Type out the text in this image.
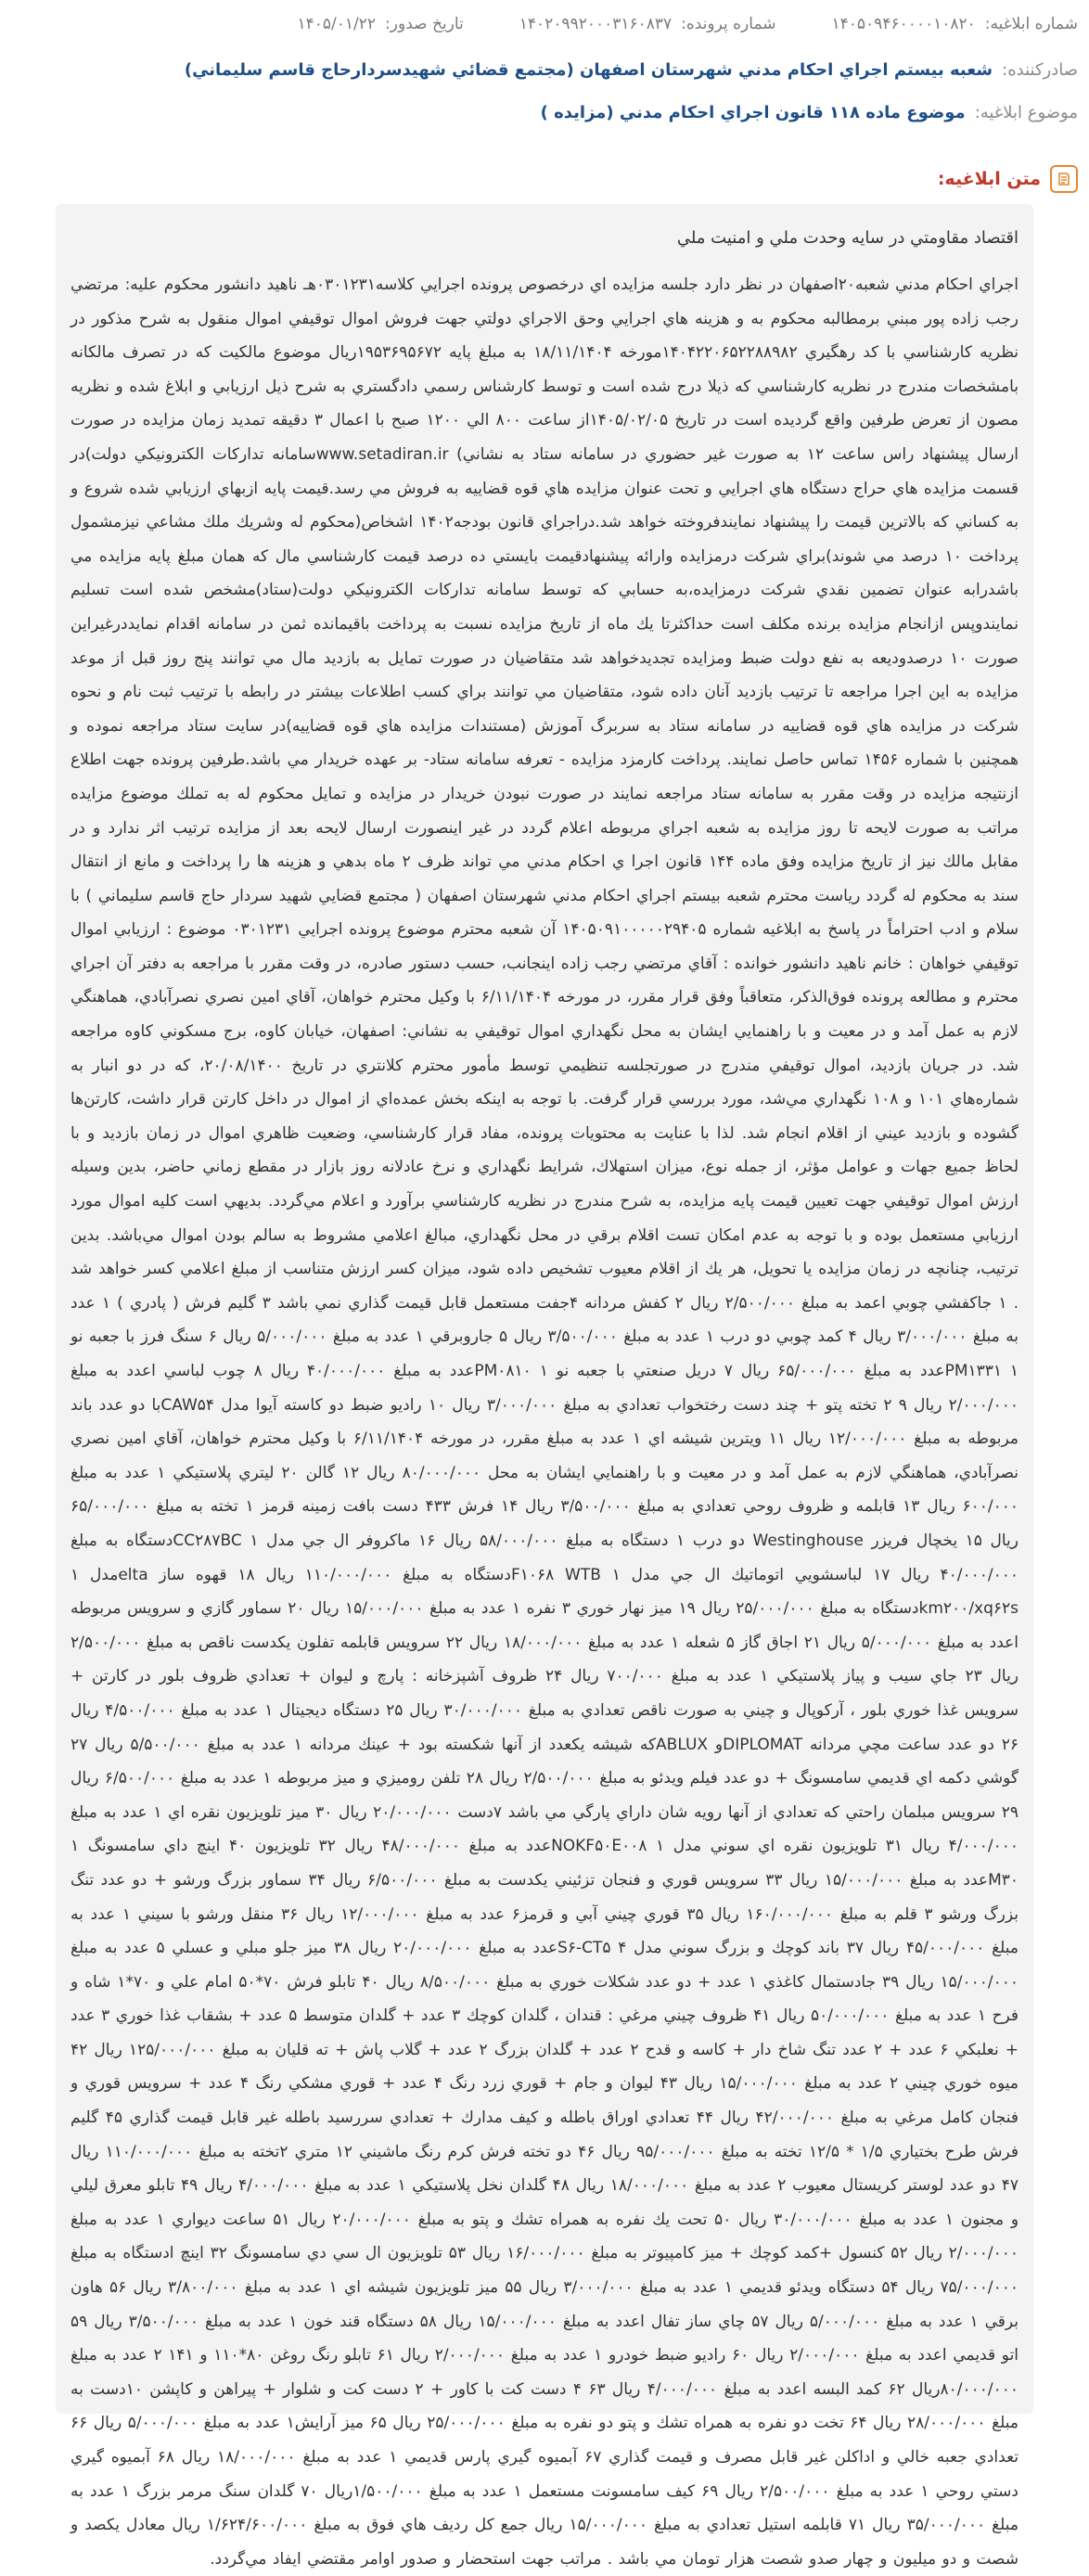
شماره ابلاغیه:
۱۴۰۵۰۹۴۶۰۰۰۰۱۰۸۲۰
شماره پرونده:
۱۴۰۲۰۹۹۲۰۰۰۳۱۶۰۸۳۷
تاریخ صدور:
۱۴۰۵/۰۱/۲۲
صادرکننده:
شعبه بيستم اجراي احكام مدني شهرستان اصفهان (مجتمع قضائي شهيدسردارحاج قاسم سليماني)
موضوع ابلاغیه:
موضوع ماده ۱۱۸ قانون اجراي احكام مدني (مزايده )
متن ابلاغیه:
اقتصاد مقاومتي در سايه وحدت ملي و امنيت ملي
اجراي احكام مدني شعبه۲۰اصفهان در نظر دارد جلسه مزايده اي درخصوص پرونده اجرايي كلاسه۰۳۰۱۲۳۱هـ ناهيد دانشور محكوم عليه: مرتضي رجب زاده پور مبني برمطالبه محكوم به و هزينه هاي اجرايي وحق الاجراي دولتي جهت فروش اموال توقيفي اموال منقول به شرح مذكور در نظريه كارشناسي با كد رهگيري ۱۴۰۴۲۲۰۶۵۲۲۸۸۹۸۲مورخه ۱۸/۱۱/۱۴۰۴ به مبلغ پايه ۱۹۵۳۶۹۵۶۷۲ريال موضوع مالكيت كه در تصرف مالكانه بامشخصات مندرج در نظريه كارشناسي كه ذيلا درج شده است و توسط كارشناس رسمي دادگستري به شرح ذيل ارزيابي و ابلاغ شده و نظريه مصون از تعرض طرفين واقع گرديده است در تاريخ ۱۴۰۵/۰۲/۰۵از ساعت ۸۰۰ الي ۱۲۰۰ صبح با اعمال ۳ دقيقه تمديد زمان مزايده در صورت ارسال پيشنهاد راس ساعت ۱۲ به صورت غير حضوري در سامانه ستاد به نشاني) www.setadiran.irسامانه تداركات الكترونيكي دولت)در قسمت مزايده هاي حراج دستگاه هاي اجرايي و تحت عنوان مزايده هاي قوه قضاييه به فروش مي رسد.قيمت پايه ازبهاي ارزيابي شده شروع و به كساني كه بالاترين قيمت را پيشنهاد نمايندفروخته خواهد شد.دراجراي قانون بودجه۱۴۰۲ اشخاص(محكوم له وشريك ملك مشاعي نيزمشمول پرداخت ۱۰ درصد مي شوند)براي شركت درمزايده وارائه پيشنهادقيمت بايستي ده درصد قيمت كارشناسي مال كه همان مبلغ پايه مزايده مي باشدرابه عنوان تضمين نقدي شركت درمزايده،به حسابي كه توسط سامانه تداركات الكترونيكي دولت(ستاد)مشخص شده است تسليم نمايندوپس ازانجام مزايده برنده مكلف است حداكثرتا يك ماه از تاريخ مزايده نسبت به پرداخت باقيمانده ثمن در سامانه اقدام نمايددرغيراين صورت ۱۰ درصدوديعه به نفع دولت ضبط ومزايده تجديدخواهد شد متقاضيان در صورت تمايل به بازديد مال مي توانند پنج روز قبل از موعد مزايده به اين اجرا مراجعه تا ترتيب بازديد آنان داده شود، متقاضيان مي توانند براي كسب اطلاعات بيشتر در رابطه با ترتيب ثبت نام و نحوه شركت در مزايده هاي قوه قضاييه در سامانه ستاد به سربرگ آموزش (مستندات مزايده هاي قوه قضاييه)در سايت ستاد مراجعه نموده و همچنين با شماره ۱۴۵۶ تماس حاصل نمايند. پرداخت كارمزد مزايده - تعرفه سامانه ستاد- بر عهده خريدار مي باشد.طرفين پرونده جهت اطلاع ازنتيجه مزايده در وقت مقرر به سامانه ستاد مراجعه نمايند در صورت نبودن خريدار در مزايده و تمايل محكوم له به تملك موضوع مزايده مراتب به صورت لايحه تا روز مزايده به شعبه اجراي مربوطه اعلام گردد در غير اينصورت ارسال لايحه بعد از مزايده ترتيب اثر ندارد و در مقابل مالك نيز از تاريخ مزايده وفق ماده ۱۴۴ قانون اجرا ي احكام مدني مي تواند ظرف ۲ ماه بدهي و هزينه ها را پرداخت و مانع از انتقال سند به محكوم له گردد رياست محترم شعبه بيستم اجراي احكام مدني شهرستان اصفهان ( مجتمع قضايي شهيد سردار حاج قاسم سليماني ) با سلام و ادب احتراماً در پاسخ به ابلاغيه شماره ۱۴۰۵۰۹۱۰۰۰۰۰۲۹۴۰۵ آن شعبه محترم موضوع پرونده اجرايي ۰۳۰۱۲۳۱ موضوع : ارزيابي اموال توقيفي خواهان : خانم ناهيد دانشور خوانده : آقاي مرتضي رجب زاده اينجانب، حسب دستور صادره، در وقت مقرر با مراجعه به دفتر آن اجراي محترم و مطالعه پرونده فوق‌الذكر، متعاقباً وفق قرار مقرر، در مورخه ۶/۱۱/۱۴۰۴ با وكيل محترم خواهان، آقاي امين نصري نصرآبادي، هماهنگي لازم به عمل آمد و در معيت و با راهنمايي ايشان به محل نگهداري اموال توقيفي به نشاني: اصفهان، خيابان كاوه، برج مسكوني كاوه مراجعه شد. در جريان بازديد، اموال توقيفي مندرج در صورتجلسه تنظيمي توسط مأمور محترم كلانتري در تاريخ ۲۰/۰۸/۱۴۰۰، كه در دو انبار به شماره‌هاي ۱۰۱ و ۱۰۸ نگهداري مي‌شد، مورد بررسي قرار گرفت. با توجه به اينكه بخش عمده‌اي از اموال در داخل كارتن قرار داشت، كارتن‌ها گشوده و بازديد عيني از اقلام انجام شد. لذا با عنايت به محتويات پرونده، مفاد قرار كارشناسي، وضعيت ظاهري اموال در زمان بازديد و با لحاظ جميع جهات و عوامل مؤثر، از جمله نوع، ميزان استهلاك، شرايط نگهداري و نرخ عادلانه روز بازار در مقطع زماني حاضر، بدين وسيله ارزش اموال توقيفي جهت تعيين قيمت پايه مزايده، به شرح مندرج در نظريه كارشناسي برآورد و اعلام مي‌گردد. بديهي است كليه اموال مورد ارزيابي مستعمل بوده و با توجه به عدم امكان تست اقلام برقي در محل نگهداري، مبالغ اعلامي مشروط به سالم بودن اموال مي‌باشد. بدين ترتيب، چنانچه در زمان مزايده يا تحويل، هر يك از اقلام معيوب تشخيص داده شود، ميزان كسر ارزش متناسب از مبلغ اعلامي كسر خواهد شد . ۱ جاكفشي چوبي اعمد به مبلغ ۲/۵۰۰/۰۰۰ ريال ۲ كفش مردانه ۴جفت مستعمل قابل قيمت گذاري نمي باشد ۳ گليم فرش ( پادري ) ۱ عدد به مبلغ ۳/۰۰۰/۰۰۰ ريال ۴ كمد چوبي دو درب ۱ عدد به مبلغ ۳/۵۰۰/۰۰۰ ريال ۵ جاروبرقي ۱ عدد به مبلغ ۵/۰۰۰/۰۰۰ ريال ۶ سنگ فرز با جعبه نو PM۱۳۳۱ ۱عدد به مبلغ ۶۵/۰۰۰/۰۰۰ ريال ۷ دريل صنعتي با جعبه نو ۱ PM۰۸۱۰عدد به مبلغ ۴۰/۰۰۰/۰۰۰ ريال ۸ چوب لباسي اعدد به مبلغ ۲/۰۰۰/۰۰۰ ريال ۹ ۲ تخته پتو + چند دست رختخواب تعدادي به مبلغ ۳/۰۰۰/۰۰۰ ريال ۱۰ راديو ضبط دو كاسته آيوا مدل CAW۵۴با دو عدد باند مربوطه به مبلغ ۱۲/۰۰۰/۰۰۰ ريال ۱۱ ويترين شيشه اي ۱ عدد به مبلغ مقرر، در مورخه ۶/۱۱/۱۴۰۴ با وكيل محترم خواهان، آقاي امين نصري نصرآبادي، هماهنگي لازم به عمل آمد و در معيت و با راهنمايي ايشان به محل ۸۰/۰۰۰/۰۰۰ ريال ۱۲ گالن ۲۰ ليتري پلاستيكي ۱ عدد به مبلغ ۶۰۰/۰۰۰ ريال ۱۳ قابلمه و ظروف روحي تعدادي به مبلغ ۳/۵۰۰/۰۰۰ ريال ۱۴ فرش ۴۳۳ دست بافت زمينه قرمز ۱ تخته به مبلغ ۶۵/۰۰۰/۰۰۰ ريال ۱۵ يخچال فريزر Westinghouse دو درب ۱ دستگاه به مبلغ ۵۸/۰۰۰/۰۰۰ ريال ۱۶ ماكروفر ال جي مدل ۱ CC۲۸۷BCدستگاه به مبلغ ۴۰/۰۰۰/۰۰۰ ريال ۱۷ لباسشويي اتوماتيك ال جي مدل ۱ F۱۰۶۸ WTBدستگاه به مبلغ ۱۱۰/۰۰۰/۰۰۰ ريال ۱۸ قهوه ساز eltaمدل ۱ km۲۰۰/xq۶۲sدستگاه به مبلغ ۲۵/۰۰۰/۰۰۰ ريال ۱۹ ميز نهار خوري ۳ نفره ۱ عدد به مبلغ ۱۵/۰۰۰/۰۰۰ ريال ۲۰ سماور گازي و سرويس مربوطه اعدد به مبلغ ۵/۰۰۰/۰۰۰ ريال ۲۱ اجاق گاز ۵ شعله ۱ عدد به مبلغ ۱۸/۰۰۰/۰۰۰ ريال ۲۲ سرويس قابلمه تفلون يكدست ناقص به مبلغ ۲/۵۰۰/۰۰۰ ريال ۲۳ جاي سيب و پياز پلاستيكي ۱ عدد به مبلغ ۷۰۰/۰۰۰ ريال ۲۴ ظروف آشپزخانه : پارچ و ليوان + تعدادي ظروف بلور در كارتن + سرويس غذا خوري بلور ، آركوپال و چيني به صورت ناقص تعدادي به مبلغ ۳۰/۰۰۰/۰۰۰ ريال ۲۵ دستگاه ديجيتال ۱ عدد به مبلغ ۴/۵۰۰/۰۰۰ ريال ۲۶ دو عدد ساعت مچي مردانه DIPLOMATو ABLUXكه شيشه يكعدد از آنها شكسته بود + عينك مردانه ۱ عدد به مبلغ ۵/۵۰۰/۰۰۰ ريال ۲۷ گوشي دكمه اي قديمي سامسونگ + دو عدد فيلم ويدئو به مبلغ ۲/۵۰۰/۰۰۰ ريال ۲۸ تلفن روميزي و ميز مربوطه ۱ عدد به مبلغ ۶/۵۰۰/۰۰۰ ريال ۲۹ سرويس مبلمان راحتي كه تعدادي از آنها رويه شان داراي پارگي مي باشد ۷دست ۲۰/۰۰۰/۰۰۰ ريال ۳۰ ميز تلويزيون نقره اي ۱ عدد به مبلغ ۴/۰۰۰/۰۰۰ ريال ۳۱ تلويزيون نقره اي سوني مدل ۱ NOKF۵۰E۰۰۸عدد به مبلغ ۴۸/۰۰۰/۰۰۰ ريال ۳۲ تلويزيون ۴۰ اينچ داي سامسونگ ۱ M۳۰عدد به مبلغ ۱۵/۰۰۰/۰۰۰ ريال ۳۳ سرويس قوري و فنجان تزئيني يكدست به مبلغ ۶/۵۰۰/۰۰۰ ريال ۳۴ سماور بزرگ ورشو + دو عدد تنگ بزرگ ورشو ۳ قلم به مبلغ ۱۶۰/۰۰۰/۰۰۰ ريال ۳۵ قوري چيني آبي و قرمز۶ عدد به مبلغ ۱۲/۰۰۰/۰۰۰ ريال ۳۶ منقل ورشو با سيني ۱ عدد به مبلغ ۴۵/۰۰۰/۰۰۰ ريال ۳۷ باند كوچك و بزرگ سوني مدل ۴ S۶-CT۵عدد به مبلغ ۲۰/۰۰۰/۰۰۰ ريال ۳۸ ميز جلو مبلي و عسلي ۵ عدد به مبلغ ۱۵/۰۰۰/۰۰۰ ريال ۳۹ جادستمال كاغذي ۱ عدد + دو عدد شكلات خوري به مبلغ ۸/۵۰۰/۰۰۰ ريال ۴۰ تابلو فرش ۷۰*۵۰ امام علي و ۷۰*۱ شاه و فرح ۱ عدد به مبلغ ۵۰/۰۰۰/۰۰۰ ريال ۴۱ ظروف چيني مرغي : قندان ، گلدان كوچك ۳ عدد + گلدان متوسط ۵ عدد + بشقاب غذا خوري ۳ عدد + نعلبكي ۶ عدد + ۲ عدد تنگ شاخ دار + كاسه و قدح ۲ عدد + گلدان بزرگ ۲ عدد + گلاب پاش + ته قليان به مبلغ ۱۲۵/۰۰۰/۰۰۰ ريال ۴۲ ميوه خوري چيني ۲ عدد به مبلغ ۱۵/۰۰۰/۰۰۰ ريال ۴۳ ليوان و جام + قوري زرد رنگ ۴ عدد + قوري مشكي رنگ ۴ عدد + سرويس قوري و فنجان كامل مرغي به مبلغ ۴۲/۰۰۰/۰۰۰ ريال ۴۴ تعدادي اوراق باطله و كيف مدارك + تعدادي سررسيد باطله غير قابل قيمت گذاري ۴۵ گليم فرش طرح بختياري ۱/۵ * ۱۲/۵ تخته به مبلغ ۹۵/۰۰۰/۰۰۰ ريال ۴۶ دو تخته فرش كرم رنگ ماشيني ۱۲ متري ۲تخته به مبلغ ۱۱۰/۰۰۰/۰۰۰ ريال ۴۷ دو عدد لوستر كريستال معيوب ۲ عدد به مبلغ ۱۸/۰۰۰/۰۰۰ ريال ۴۸ گلدان نخل پلاستيكي ۱ عدد به مبلغ ۴/۰۰۰/۰۰۰ ريال ۴۹ تابلو معرق ليلي و مجنون ۱ عدد به مبلغ ۳۰/۰۰۰/۰۰۰ ريال ۵۰ تحت يك نفره به همراه تشك و پتو به مبلغ ۲۰/۰۰۰/۰۰۰ ريال ۵۱ ساعت ديواري ۱ عدد به مبلغ ۲/۰۰۰/۰۰۰ ريال ۵۲ كنسول +كمد كوچك + ميز كامپيوتر به مبلغ ۱۶/۰۰۰/۰۰۰ ريال ۵۳ تلويزيون ال سي دي سامسونگ ۳۲ اينچ ادستگاه به مبلغ ۷۵/۰۰۰/۰۰۰ ريال ۵۴ دستگاه ويدئو قديمي ۱ عدد به مبلغ ۳/۰۰۰/۰۰۰ ريال ۵۵ ميز تلويزيون شيشه اي ۱ عدد به مبلغ ۳/۸۰۰/۰۰۰ ريال ۵۶ هاون برقي ۱ عدد به مبلغ ۵/۰۰۰/۰۰۰ ريال ۵۷ چاي ساز تفال اعدد به مبلغ ۱۵/۰۰۰/۰۰۰ ريال ۵۸ دستگاه قند خون ۱ عدد به مبلغ ۳/۵۰۰/۰۰۰ ريال ۵۹ اتو قديمي اعدد به مبلغ ۲/۰۰۰/۰۰۰ ريال ۶۰ راديو ضبط خودرو ۱ عدد به مبلغ ۲/۰۰۰/۰۰۰ ريال ۶۱ تابلو رنگ روغن ۸۰*۱۱۰ و ۱۴۱ ۲ عدد به مبلغ ۸۰/۰۰۰/۰۰۰ريال ۶۲ كمد البسه اعدد به مبلغ ۴/۰۰۰/۰۰۰ ريال ۶۳ ۴ دست كت با كاور + ۲ دست كت و شلوار + پيراهن و كاپشن ۱۰دست به مبلغ ۲۸/۰۰۰/۰۰۰ ريال ۶۴ تخت دو نفره به همراه تشك و پتو دو نفره به مبلغ ۲۵/۰۰۰/۰۰۰ ريال ۶۵ ميز آرايش۱ عدد به مبلغ ۵/۰۰۰/۰۰۰ ريال ۶۶ تعدادي جعبه خالي و اداكلن غير قابل مصرف و قيمت گذاري ۶۷ آبميوه گيري پارس قديمي ۱ عدد به مبلغ ۱۸/۰۰۰/۰۰۰ ريال ۶۸ آبميوه گيري دستي روحي ۱ عدد به مبلغ ۲/۵۰۰/۰۰۰ ريال ۶۹ كيف سامسونت مستعمل ۱ عدد به مبلغ ۱/۵۰۰/۰۰۰ريال ۷۰ گلدان سنگ مرمر بزرگ ۱ عدد به مبلغ ۳۵/۰۰۰/۰۰۰ ريال ۷۱ قابلمه استيل تعدادي به مبلغ ۱۵/۰۰۰/۰۰۰ ريال جمع كل رديف هاي فوق به مبلغ ۱/۶۲۴/۶۰۰/۰۰۰ ريال معادل يكصد و شصت و دو ميليون و چهار صدو شصت هزار تومان مي باشد . مراتب جهت استحضار و صدور اوامر مقتضي ايفاد مي‌گردد.
